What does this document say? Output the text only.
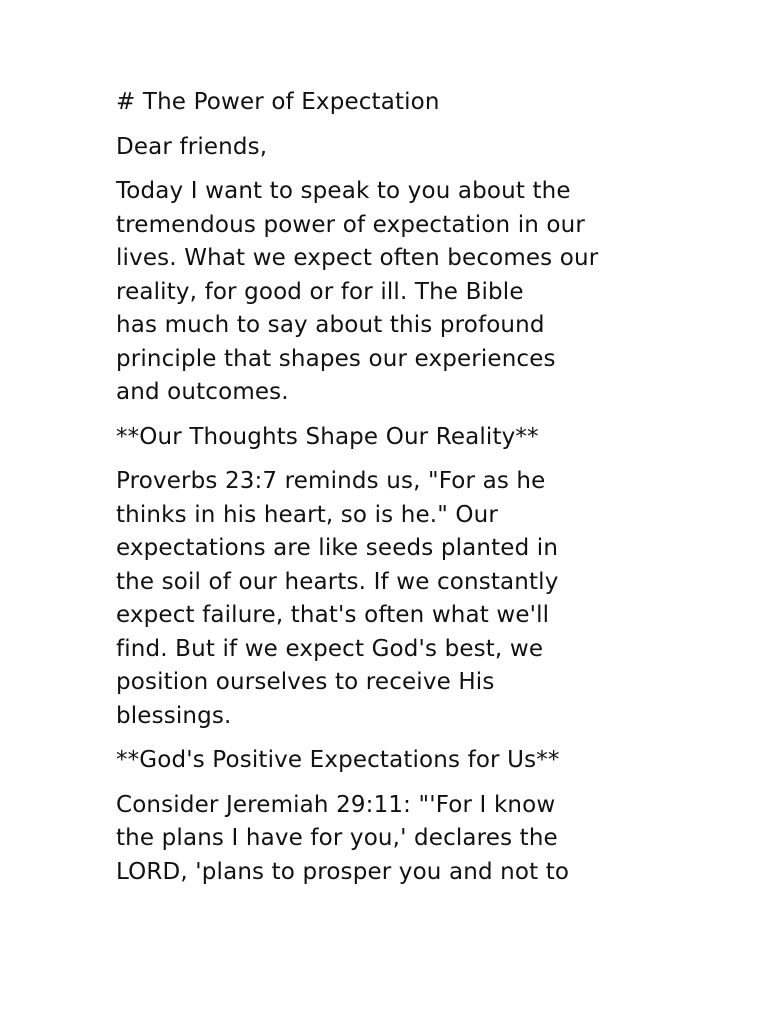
# The Power of Expectation
Dear friends,
Today I want to speak to you about the
tremendous power of expectation in our
lives. What we expect often becomes our
reality, for good or for ill. The Bible
has much to say about this profound
principle that shapes our experiences
and outcomes.
**Our Thoughts Shape Our Reality**
Proverbs 23:7 reminds us, "For as he
thinks in his heart, so is he." Our
expectations are like seeds planted in
the soil of our hearts. If we constantly
expect failure, that's often what we'll
find. But if we expect God's best, we
position ourselves to receive His
blessings.
**God's Positive Expectations for Us**
Consider Jeremiah 29:11: "'For I know
the plans I have for you,' declares the
LORD, 'plans to prosper you and not to
